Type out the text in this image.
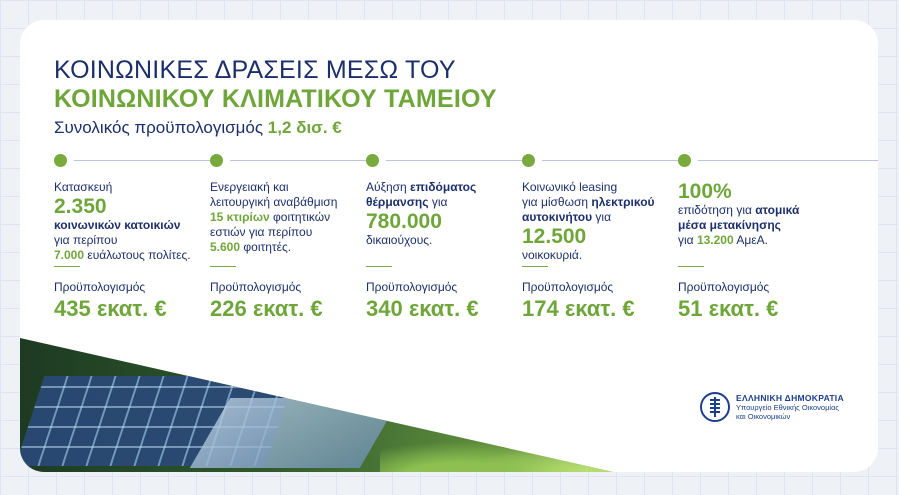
ΚΟΙΝΩΝΙΚΕΣ ΔΡΑΣΕΙΣ ΜΕΣΩ ΤΟΥ
ΚΟΙΝΩΝΙΚΟΥ ΚΛΙΜΑΤΙΚΟΥ ΤΑΜΕΙΟΥ
Συνολικός προϋπολογισμός 1,2 δισ. €
Κατασκευή
2.350
κοινωνικών κατοικιών
για περίπου
7.000 ευάλωτους πολίτες.
Προϋπολογισμός
435 εκατ. €
Ενεργειακή και
λειτουργική αναβάθμιση
15 κτιρίων φοιτητικών
εστιών για περίπου
5.600 φοιτητές.
Προϋπολογισμός
226 εκατ. €
Αύξηση επιδόματος
θέρμανσης για
780.000
δικαιούχους.
Προϋπολογισμός
340 εκατ. €
Κοινωνικό leasing
για μίσθωση ηλεκτρικού
αυτοκινήτου για
12.500
νοικοκυριά.
Προϋπολογισμός
174 εκατ. €
100%
επιδότηση για ατομικά
μέσα μετακίνησης
για 13.200 ΑμεΑ.
Προϋπολογισμός
51 εκατ. €
ΕΛΛΗΝΙΚΗ ΔΗΜΟΚΡΑΤΙΑ
Υπουργείο Εθνικής Οικονομίας
και Οικονομικών
